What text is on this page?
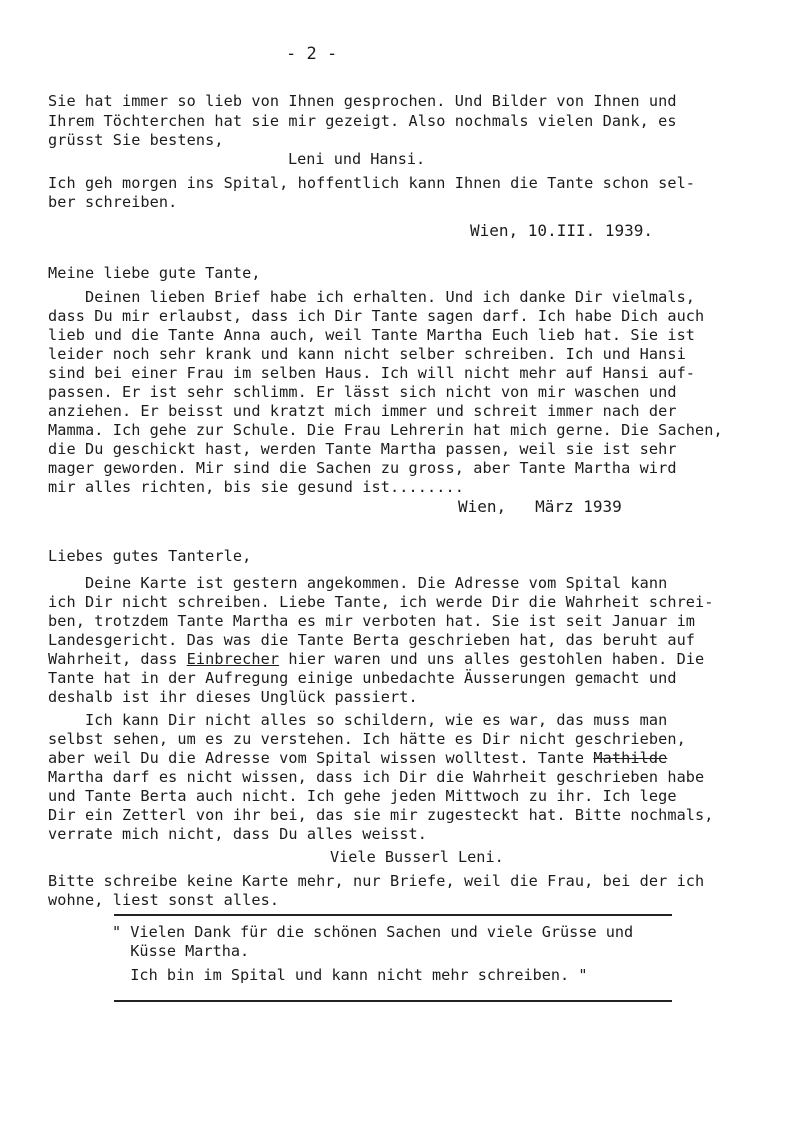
- 2 -
Sie hat immer so lieb von Ihnen gesprochen. Und Bilder von Ihnen und
Ihrem Töchterchen hat sie mir gezeigt. Also nochmals vielen Dank, es
grüsst Sie bestens,
Leni und Hansi.
Ich geh morgen ins Spital, hoffentlich kann Ihnen die Tante schon sel-
ber schreiben.
Wien, 10.III. 1939.
Meine liebe gute Tante,
Deinen lieben Brief habe ich erhalten. Und ich danke Dir vielmals,
dass Du mir erlaubst, dass ich Dir Tante sagen darf. Ich habe Dich auch
lieb und die Tante Anna auch, weil Tante Martha Euch lieb hat. Sie ist
leider noch sehr krank und kann nicht selber schreiben. Ich und Hansi
sind bei einer Frau im selben Haus. Ich will nicht mehr auf Hansi auf-
passen. Er ist sehr schlimm. Er lässt sich nicht von mir waschen und
anziehen. Er beisst und kratzt mich immer und schreit immer nach der
Mamma. Ich gehe zur Schule. Die Frau Lehrerin hat mich gerne. Die Sachen,
die Du geschickt hast, werden Tante Martha passen, weil sie ist sehr
mager geworden. Mir sind die Sachen zu gross, aber Tante Martha wird
mir alles richten, bis sie gesund ist........
Wien,   März 1939
Liebes gutes Tanterle,
Deine Karte ist gestern angekommen. Die Adresse vom Spital kann
ich Dir nicht schreiben. Liebe Tante, ich werde Dir die Wahrheit schrei-
ben, trotzdem Tante Martha es mir verboten hat. Sie ist seit Januar im
Landesgericht. Das was die Tante Berta geschrieben hat, das beruht auf
Wahrheit, dass Einbrecher hier waren und uns alles gestohlen haben. Die
Tante hat in der Aufregung einige unbedachte Äusserungen gemacht und
deshalb ist ihr dieses Unglück passiert.
Ich kann Dir nicht alles so schildern, wie es war, das muss man
selbst sehen, um es zu verstehen. Ich hätte es Dir nicht geschrieben,
aber weil Du die Adresse vom Spital wissen wolltest. Tante Mathilde
Martha darf es nicht wissen, dass ich Dir die Wahrheit geschrieben habe
und Tante Berta auch nicht. Ich gehe jeden Mittwoch zu ihr. Ich lege
Dir ein Zetterl von ihr bei, das sie mir zugesteckt hat. Bitte nochmals,
verrate mich nicht, dass Du alles weisst.
Viele Busserl Leni.
Bitte schreibe keine Karte mehr, nur Briefe, weil die Frau, bei der ich
wohne, liest sonst alles.
" Vielen Dank für die schönen Sachen und viele Grüsse und
Küsse Martha.
Ich bin im Spital und kann nicht mehr schreiben. "
